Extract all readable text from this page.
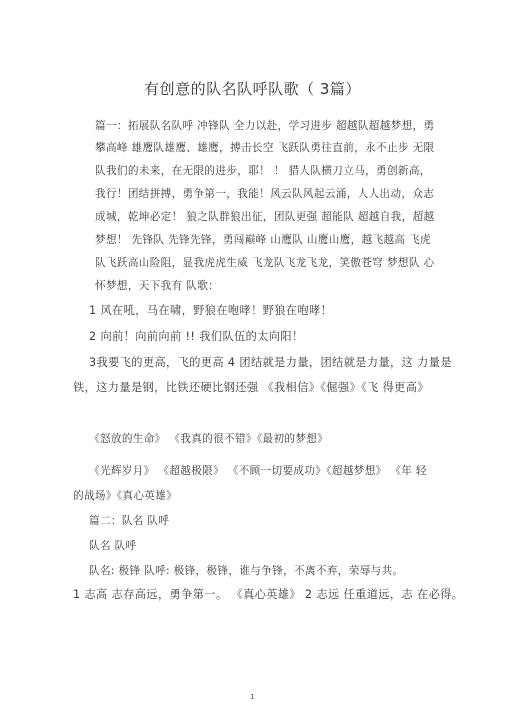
有创意的队名队呼队歌（ 3篇）
篇一：拓展队名队呼 冲锋队 全力以赴，学习进步 超越队超越梦想，勇
攀高峰 雄鹰队雄鹰、雄鹰，搏击长空 飞跃队勇往直前，永不止步 无限
队我们的未来，在无限的进步，耶！ ！ 猎人队横刀立马，勇创新高，
我行！团结拼搏，勇争第一，我能！风云队风起云涌，人人出动，众志
成城，乾坤必定！ 狼之队群狼出征，团队更强 超能队 超越自我，超越
梦想！ 先锋队 先锋先锋，勇闯巅峰 山鹰队 山鹰山鹰，越飞越高 飞虎
队飞跃高山险阻，显我虎虎生威 飞龙队飞龙飞龙，笑傲苍穹 梦想队 心
怀梦想，天下我有 队歌：
1 风在吼，马在啸，野狼在咆哮！野狼在咆哮！
2 向前！向前向前 !! 我们队伍的太向阳！
3我要飞的更高，飞的更高 4 团结就是力量，团结就是力量，这 力量是
铁，这力量是钢，比铁还硬比钢还强 《我相信》《倔强》《飞 得更高》
《怒放的生命》 《我真的很不错》《最初的梦想》
《光辉岁月》 《超越极限》 《不顾一切要成功》《超越梦想》 《年 轻
的战场》《真心英雄》
篇二：队名 队呼
队名 队呼
队名: 极锋 队呼: 极锋，极锋，谁与争锋，不离不弃，荣辱与共。
1 志高 志存高远，勇争第一。 《真心英雄》 2 志远 任重道远，志 在必得。
1
